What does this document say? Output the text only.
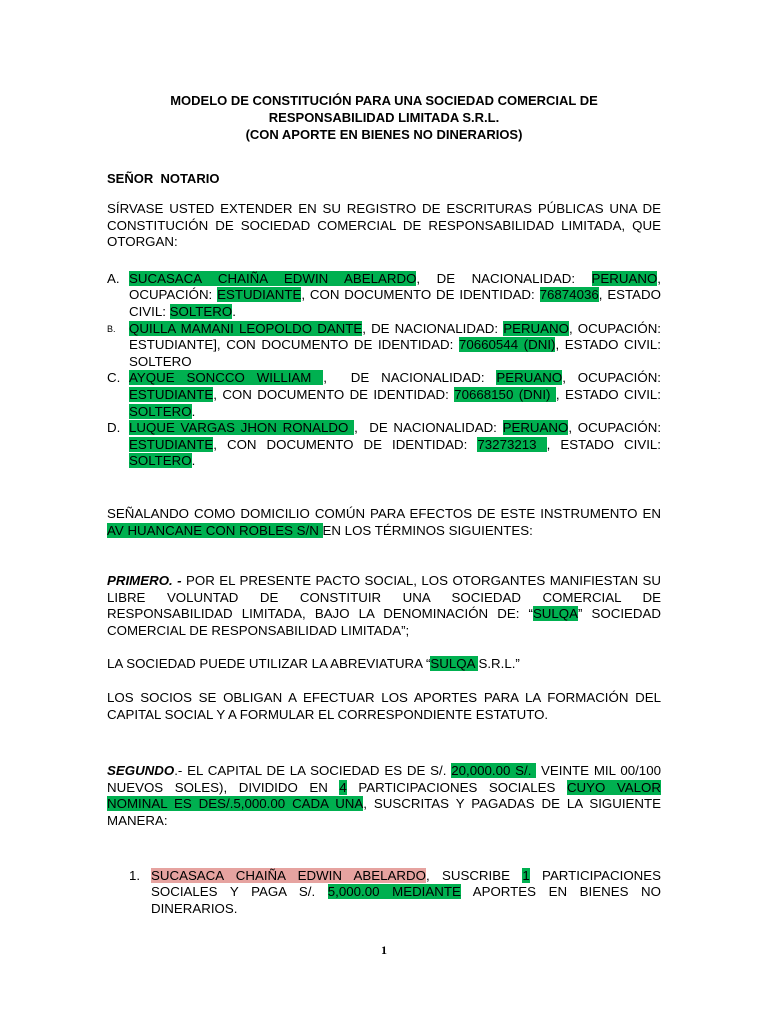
MODELO DE CONSTITUCIÓN PARA UNA SOCIEDAD COMERCIAL DE
RESPONSABILIDAD LIMITADA S.R.L.
(CON APORTE EN BIENES NO DINERARIOS)
SEÑOR  NOTARIO

SÍRVASE USTED EXTENDER EN SU REGISTRO DE ESCRITURAS PÚBLICAS UNA DE CONSTITUCIÓN DE SOCIEDAD COMERCIAL DE RESPONSABILIDAD LIMITADA, QUE OTORGAN:

A. SUCASACA CHAIÑA EDWIN ABELARDO, DE NACIONALIDAD: PERUANO, OCUPACIÓN: ESTUDIANTE, CON DOCUMENTO DE IDENTIDAD: 76874036, ESTADO CIVIL: SOLTERO.

B.	QUILLA MAMANI LEOPOLDO DANTE, DE NACIONALIDAD: PERUANO, OCUPACIÓN: ESTUDIANTE], CON DOCUMENTO DE IDENTIDAD: 70660544 (DNI), ESTADO CIVIL: SOLTERO

C. AYQUE SONCCO WILLIAM ,  DE NACIONALIDAD: PERUANO, OCUPACIÓN: ESTUDIANTE, CON DOCUMENTO DE IDENTIDAD: 70668150 (DNI) , ESTADO CIVIL: SOLTERO.

D. LUQUE VARGAS JHON RONALDO ,  DE NACIONALIDAD: PERUANO, OCUPACIÓN: ESTUDIANTE, CON DOCUMENTO DE IDENTIDAD: 73273213 , ESTADO CIVIL: SOLTERO.

SEÑALANDO COMO DOMICILIO COMÚN PARA EFECTOS DE ESTE INSTRUMENTO EN AV HUANCANE CON ROBLES S/N EN LOS TÉRMINOS SIGUIENTES:

PRIMERO. - POR EL PRESENTE PACTO SOCIAL, LOS OTORGANTES MANIFIESTAN SU LIBRE VOLUNTAD DE CONSTITUIR UNA SOCIEDAD COMERCIAL DE RESPONSABILIDAD LIMITADA, BAJO LA DENOMINACIÓN DE: “SULQA” SOCIEDAD COMERCIAL DE RESPONSABILIDAD LIMITADA”;

LA SOCIEDAD PUEDE UTILIZAR LA ABREVIATURA “SULQA S.R.L.”

LOS SOCIOS SE OBLIGAN A EFECTUAR LOS APORTES PARA LA FORMACIÓN DEL CAPITAL SOCIAL Y A FORMULAR EL CORRESPONDIENTE ESTATUTO.

SEGUNDO.- EL CAPITAL DE LA SOCIEDAD ES DE S/. 20,000.00 S/.  VEINTE MIL 00/100 NUEVOS SOLES), DIVIDIDO EN 4 PARTICIPACIONES SOCIALES CUYO VALOR NOMINAL ES DES/.5,000.00 CADA UNA, SUSCRITAS Y PAGADAS DE LA SIGUIENTE MANERA:

1. SUCASACA CHAIÑA EDWIN ABELARDO, SUSCRIBE 1 PARTICIPACIONES SOCIALES Y PAGA S/. 5,000.00 MEDIANTE APORTES EN BIENES NO DINERARIOS.

1
